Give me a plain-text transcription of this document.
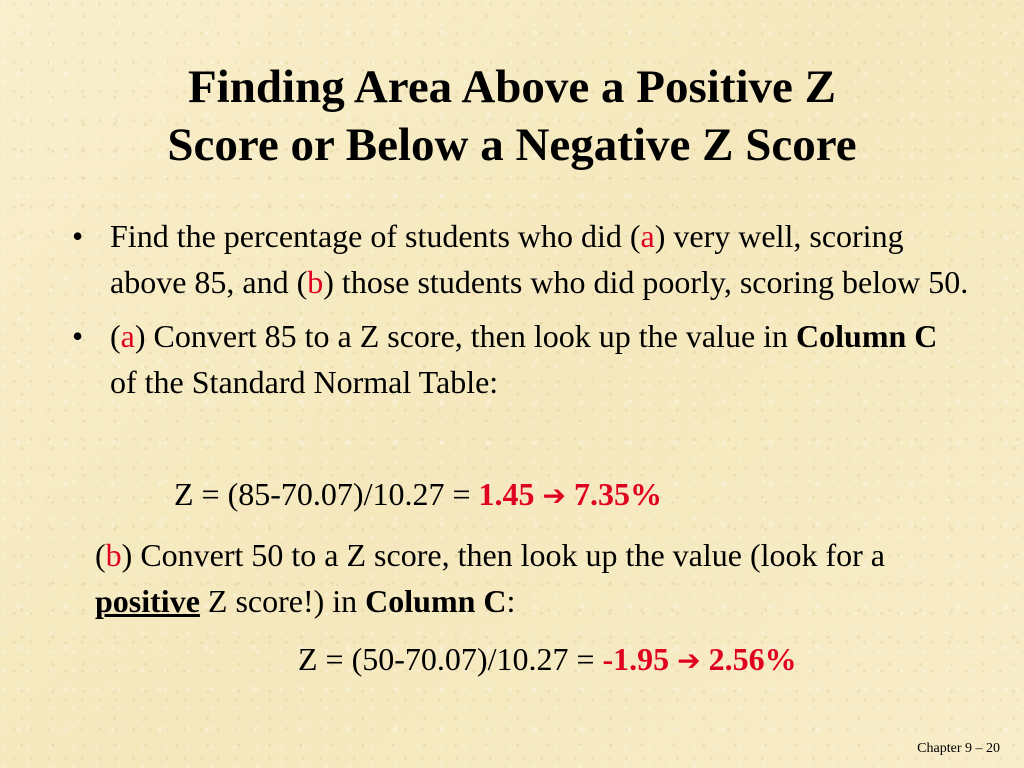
Finding Area Above a Positive Z
Score or Below a Negative Z Score
• Find the percentage of students who did (a) very well, scoring above 85, and (b) those students who did poorly, scoring below 50.
• (a) Convert 85 to a Z score, then look up the value in Column C of the Standard Normal Table:
Z = (85-70.07)/10.27 = 1.45 ➔ 7.35%
(b) Convert 50 to a Z score, then look up the value (look for a positive Z score!) in Column C:
Z = (50-70.07)/10.27 = -1.95 ➔ 2.56%
Chapter 9 – 20
